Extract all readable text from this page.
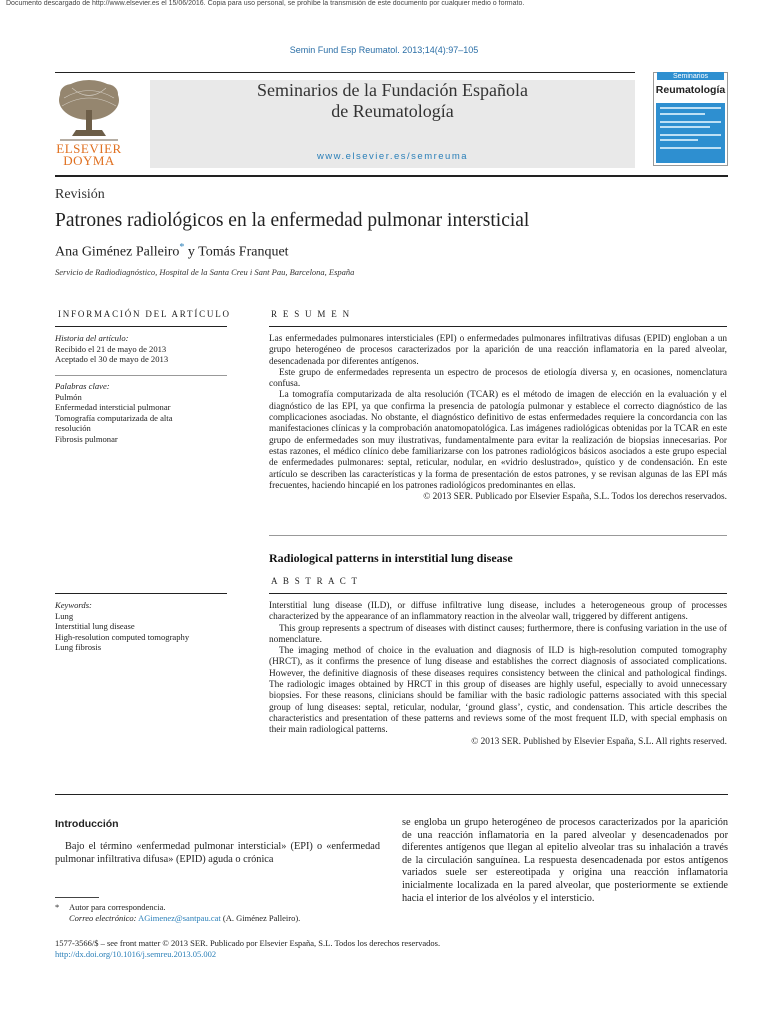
Documento descargado de http://www.elsevier.es el 15/06/2016. Copia para uso personal, se prohíbe la transmisión de este documento por cualquier medio o formato.
Semin Fund Esp Reumatol. 2013;14(4):97–105
ELSEVIER
DOYMA
Seminarios de la Fundación Española
de Reumatología
www.elsevier.es/semreuma
Seminarios
Reumatología
Revisión
Patrones radiológicos en la enfermedad pulmonar intersticial
Ana Giménez Palleiro* y Tomás Franquet
Servicio de Radiodiagnóstico, Hospital de la Santa Creu i Sant Pau, Barcelona, España
INFORMACIÓN DEL ARTÍCULO
Historia del artículo:
Recibido el 21 de mayo de 2013
Aceptado el 30 de mayo de 2013
Palabras clave:
Pulmón
Enfermedad intersticial pulmonar
Tomografía computarizada de alta
resolución
Fibrosis pulmonar
R E S U M E N

Las enfermedades pulmonares intersticiales (EPI) o enfermedades pulmonares infiltrativas difusas (EPID) engloban a un grupo heterogéneo de procesos caracterizados por la aparición de una reacción inflamatoria en la pared alveolar, desencadenada por diferentes antígenos.

Este grupo de enfermedades representa un espectro de procesos de etiología diversa y, en ocasiones, nomenclatura confusa.

La tomografía computarizada de alta resolución (TCAR) es el método de imagen de elección en la evaluación y el diagnóstico de las EPI, ya que confirma la presencia de patología pulmonar y establece el correcto diagnóstico de las complicaciones asociadas. No obstante, el diagnóstico definitivo de estas enfermedades requiere la concordancia con las manifestaciones clínicas y la comprobación anatomopatológica. Las imágenes radiológicas obtenidas por la TCAR en este grupo de enfermedades son muy ilustrativas, fundamentalmente para evitar la realización de biopsias innecesarias. Por estas razones, el médico clínico debe familiarizarse con los patrones radiológicos básicos asociados a este grupo especial de enfermedades pulmonares: septal, reticular, nodular, en «vidrio deslustrado», quístico y de condensación. En este artículo se describen las características y la forma de presentación de estos patrones, y se revisan algunas de las EPI más frecuentes, haciendo hincapié en los patrones radiológicos predominantes en ellas.

© 2013 SER. Publicado por Elsevier España, S.L. Todos los derechos reservados.

Radiological patterns in interstitial lung disease
A B S T R A C T
Keywords:
Lung
Interstitial lung disease
High-resolution computed tomography
Lung fibrosis

Interstitial lung disease (ILD), or diffuse infiltrative lung disease, includes a heterogeneous group of processes characterized by the appearance of an inflammatory reaction in the alveolar wall, triggered by different antigens.

This group represents a spectrum of diseases with distinct causes; furthermore, there is confusing variation in the use of nomenclature.

The imaging method of choice in the evaluation and diagnosis of ILD is high-resolution computed tomography (HRCT), as it confirms the presence of lung disease and establishes the correct diagnosis of associated complications. However, the definitive diagnosis of these diseases requires consistency between the clinical and pathological findings. The radiologic images obtained by HRCT in this group of diseases are highly useful, especially to avoid unnecessary biopsies. For these reasons, clinicians should be familiar with the basic radiologic patterns associated with this special group of lung diseases: septal, reticular, nodular, ‘ground glass’, cystic, and condensation. This article describes the characteristics and presentation of these patterns and reviews some of the most frequent ILD, with special emphasis on their main radiological patterns.

© 2013 SER. Published by Elsevier España, S.L. All rights reserved.

Introducción
Bajo el término «enfermedad pulmonar intersticial» (EPI) o «enfermedad pulmonar infiltrativa difusa» (EPID) aguda o crónica
se engloba un grupo heterogéneo de procesos caracterizados por la aparición de una reacción inflamatoria en la pared alveolar y desencadenados por diferentes antígenos que llegan al epitelio alveolar tras su inhalación a través de la circulación sanguínea. La respuesta desencadenada por estos antígenos variados suele ser estereotipada y origina una reacción inflamatoria inicialmente localizada en la pared alveolar, que posteriormente se extiende hacia el interior de los alvéolos y el intersticio.
* Autor para correspondencia.
Correo electrónico: AGimenez@santpau.cat (A. Giménez Palleiro).
1577-3566/$ – see front matter © 2013 SER. Publicado por Elsevier España, S.L. Todos los derechos reservados.
http://dx.doi.org/10.1016/j.semreu.2013.05.002
